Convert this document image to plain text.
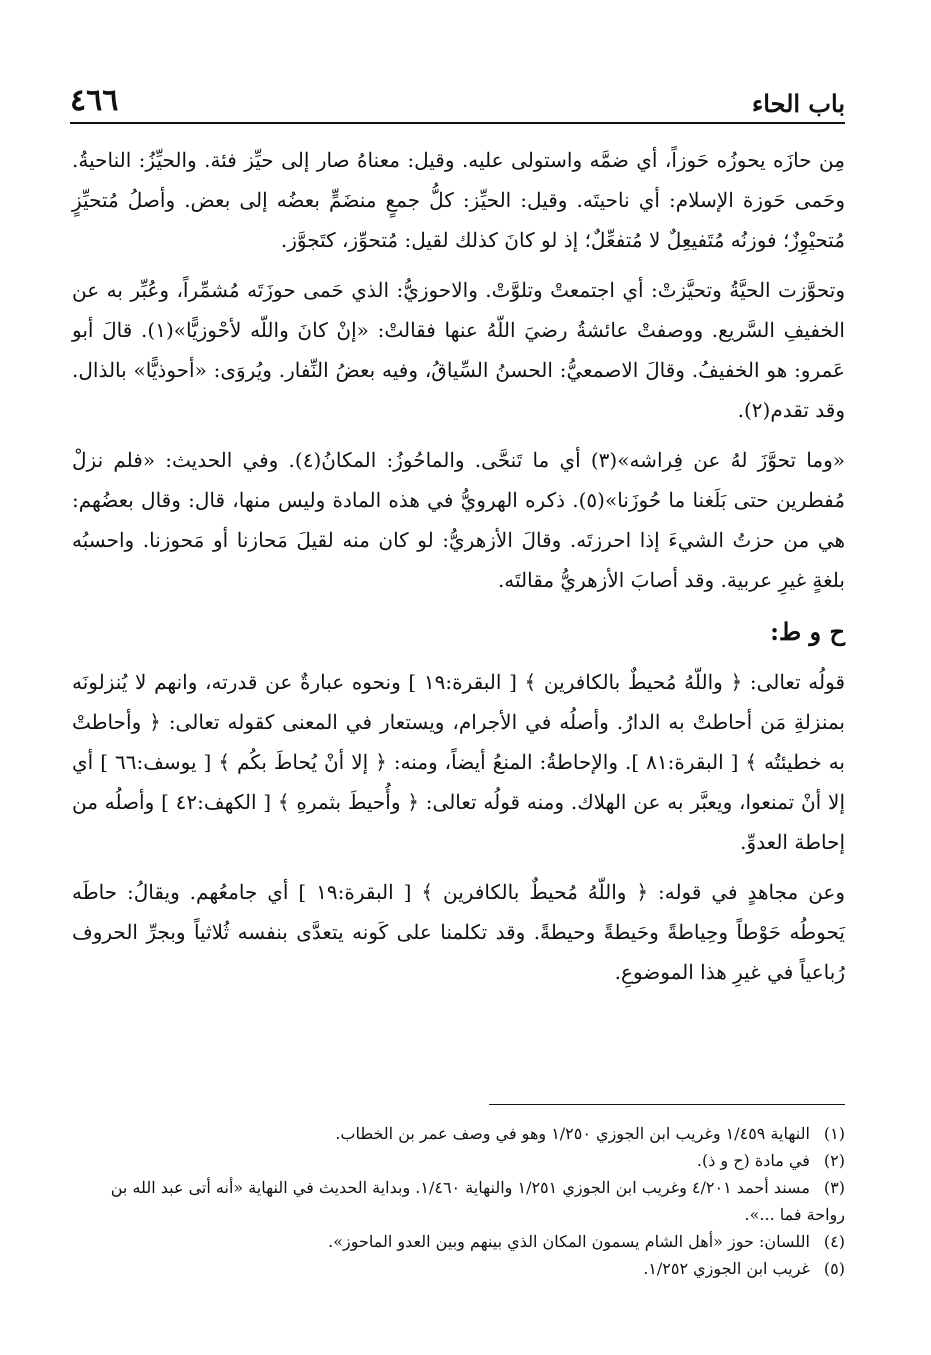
باب الحاء
٤٦٦

مِن حازَه يحوزُه حَوزاً، أي ضمَّه واستولى عليه. وقيل: معناهُ صار إلى حيِّز فئة. والحيِّزُ: الناحيةُ. وحَمى حَوزة الإسلام: أي ناحيتَه. وقيل: الحيِّز: كلُّ جمعٍ منضَمٍّ بعضُه إلى بعض. وأصلُ مُتحيِّزٍ مُتحيْوِزٌ؛ فوزنُه مُتَفيعِلٌ لا مُتفعِّلٌ؛ إذ لو كانَ كذلك لقيل: مُتحوِّز، كتَجوَّز.

وتحوَّزت الحيَّةُ وتحيَّزتْ: أي اجتمعتْ وتلوَّتْ. والاحوزيُّ: الذي حَمى حوزَتَه مُشمِّراً، وعُبِّر به عن الخفيفِ السَّريع. ووصفتْ عائشةُ رضيَ اللّهُ عنها فقالتْ: «إنْ كانَ واللّه لأحْوزيًّا»(١). قالَ أبو عَمرو: هو الخفيفُ. وقالَ الاصمعيُّ: الحسنُ السِّياقُ، وفيه بعضُ النِّفار. ويُروَى: «أحوذيًّا» بالذال. وقد تقدم(٢).

«وما تحوَّزَ لهُ عن فِراشه»(٣) أي ما تَنحَّى. والماحُوزُ: المكانُ(٤). وفي الحديث: «فلم نزلْ مُفطرين حتى بَلَغنا ما حُوزَنا»(٥). ذكره الهرويُّ في هذه المادة وليس منها، قال: وقال بعضُهم: هي من حزتُ الشيءَ إذا احرزتَه. وقالَ الأزهريُّ: لو كان منه لقيلَ مَحازنا أو مَحوزنا. واحسبُه بلغةٍ غيرِ عربية. وقد أصابَ الأزهريُّ مقالتَه.

ح و ط:

قولُه تعالى: ﴿ واللّهُ مُحيطٌ بالكافرين ﴾ [ البقرة:١٩ ] ونحوه عبارةٌ عن قدرته، وانهم لا يُنزلونَه بمنزلةِ مَن أحاطتْ به الدارُ. وأصلُه في الأجرام، ويستعار في المعنى كقوله تعالى: ﴿ وأحاطتْ به خطيئتُه ﴾ [ البقرة:٨١ ]. والإحاطةُ: المنعُ أيضاً، ومنه: ﴿ إلا أنْ يُحاطَ بكُم ﴾ [ يوسف:٦٦ ] أي إلا أنْ تمنعوا، ويعبَّر به عن الهلاك. ومنه قولُه تعالى: ﴿ وأُحيطَ بثمرهِ ﴾ [ الكهف:٤٢ ] وأصلُه من إحاطة العدوِّ.

وعن مجاهدٍ في قوله: ﴿ واللّهُ مُحيطٌ بالكافرين ﴾ [ البقرة:١٩ ] أي جامعُهم. ويقالُ: حاطَه يَحوطُه حَوْطاً وحِياطةً وحَيطةً وحيطةً. وقد تكلمنا على كَونه يتعدَّى بنفسه ثُلاثياً وبجرِّ الحروف رُباعياً في غيرِ هذا الموضوعِ.

(١) النهاية ١/٤٥٩ وغريب ابن الجوزي ١/٢٥٠ وهو في وصف عمر بن الخطاب.

(٢) في مادة (ح و ذ).

(٣) مسند أحمد ٤/٢٠١ وغريب ابن الجوزي ١/٢٥١ والنهاية ١/٤٦٠. وبداية الحديث في النهاية «أنه أتى عبد الله بن رواحة فما ...».

(٤) اللسان: حوز «أهل الشام يسمون المكان الذي بينهم وبين العدو الماحوز».

(٥) غريب ابن الجوزي ١/٢٥٢.
